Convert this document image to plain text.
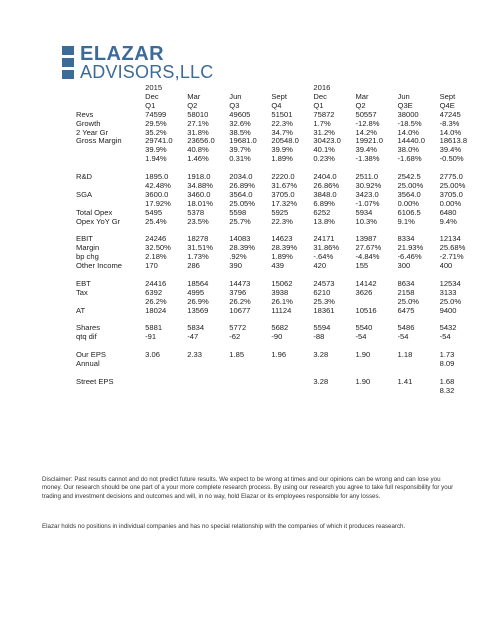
ELAZAR
ADVISORS,LLC
	2015				2016			
	Dec	Mar	Jun	Sept	Dec	Mar	Jun	Sept
	Q1	Q2	Q3	Q4	Q1	Q2	Q3E	Q4E
Revs	74599	58010	49605	51501	75872	50557	38000	47245
Growth	29.5%	27.1%	32.6%	22.3%	1.7%	-12.8%	-18.5%	-8.3%
2 Year Gr	35.2%	31.8%	38.5%	34.7%	31.2%	14.2%	14.0%	14.0%
Gross Margin	29741.0	23656.0	19681.0	20548.0	30423.0	19921.0	14440.0	18613.8
	39.9%	40.8%	39.7%	39.9%	40.1%	39.4%	38.0%	39.4%
	1.94%	1.46%	0.31%	1.89%	0.23%	-1.38%	-1.68%	-0.50%

R&D	1895.0	1918.0	2034.0	2220.0	2404.0	2511.0	2542.5	2775.0
	42.48%	34.88%	26.89%	31.67%	26.86%	30.92%	25.00%	25.00%
SGA	3600.0	3460.0	3564.0	3705.0	3848.0	3423.0	3564.0	3705.0
	17.92%	18.01%	25.05%	17.32%	6.89%	-1.07%	0.00%	0.00%
Total Opex	5495	5378	5598	5925	6252	5934	6106.5	6480
Opex YoY Gr	25.4%	23.5%	25.7%	22.3%	13.8%	10.3%	9.1%	9.4%

EBIT	24246	18278	14083	14623	24171	13987	8334	12134
Margin	32.50%	31.51%	28.39%	28.39%	31.86%	27.67%	21.93%	25.68%
bp chg	2.18%	1.73%	.92%	1.89%	-.64%	-4.84%	-6.46%	-2.71%
Other Income	170	286	390	439	420	155	300	400

EBT	24416	18564	14473	15062	24573	14142	8634	12534
Tax	6392	4995	3796	3938	6210	3626	2158	3133
	26.2%	26.9%	26.2%	26.1%	25.3%		25.0%	25.0%
AT	18024	13569	10677	11124	18361	10516	6475	9400

Shares	5881	5834	5772	5682	5594	5540	5486	5432
qtq dif	-91	-47	-62	-90	-88	-54	-54	-54

Our EPS	3.06	2.33	1.85	1.96	3.28	1.90	1.18	1.73
Annual								8.09

Street EPS					3.28	1.90	1.41	1.68
								8.32
Disclaimer: Past results cannot and do not predict future results. We expect to be wrong at times and our opinions can be wrong and can lose you money. Our research should be one part of a your more complete research process. By using our research you agree to take full responsibility for your trading and investment decisions and outcomes and will, in no way, hold Elazar or its employees responsible for any losses.
Elazar holds no positions in individual companies and has no special relationship with the companies of which it produces reasearch.
